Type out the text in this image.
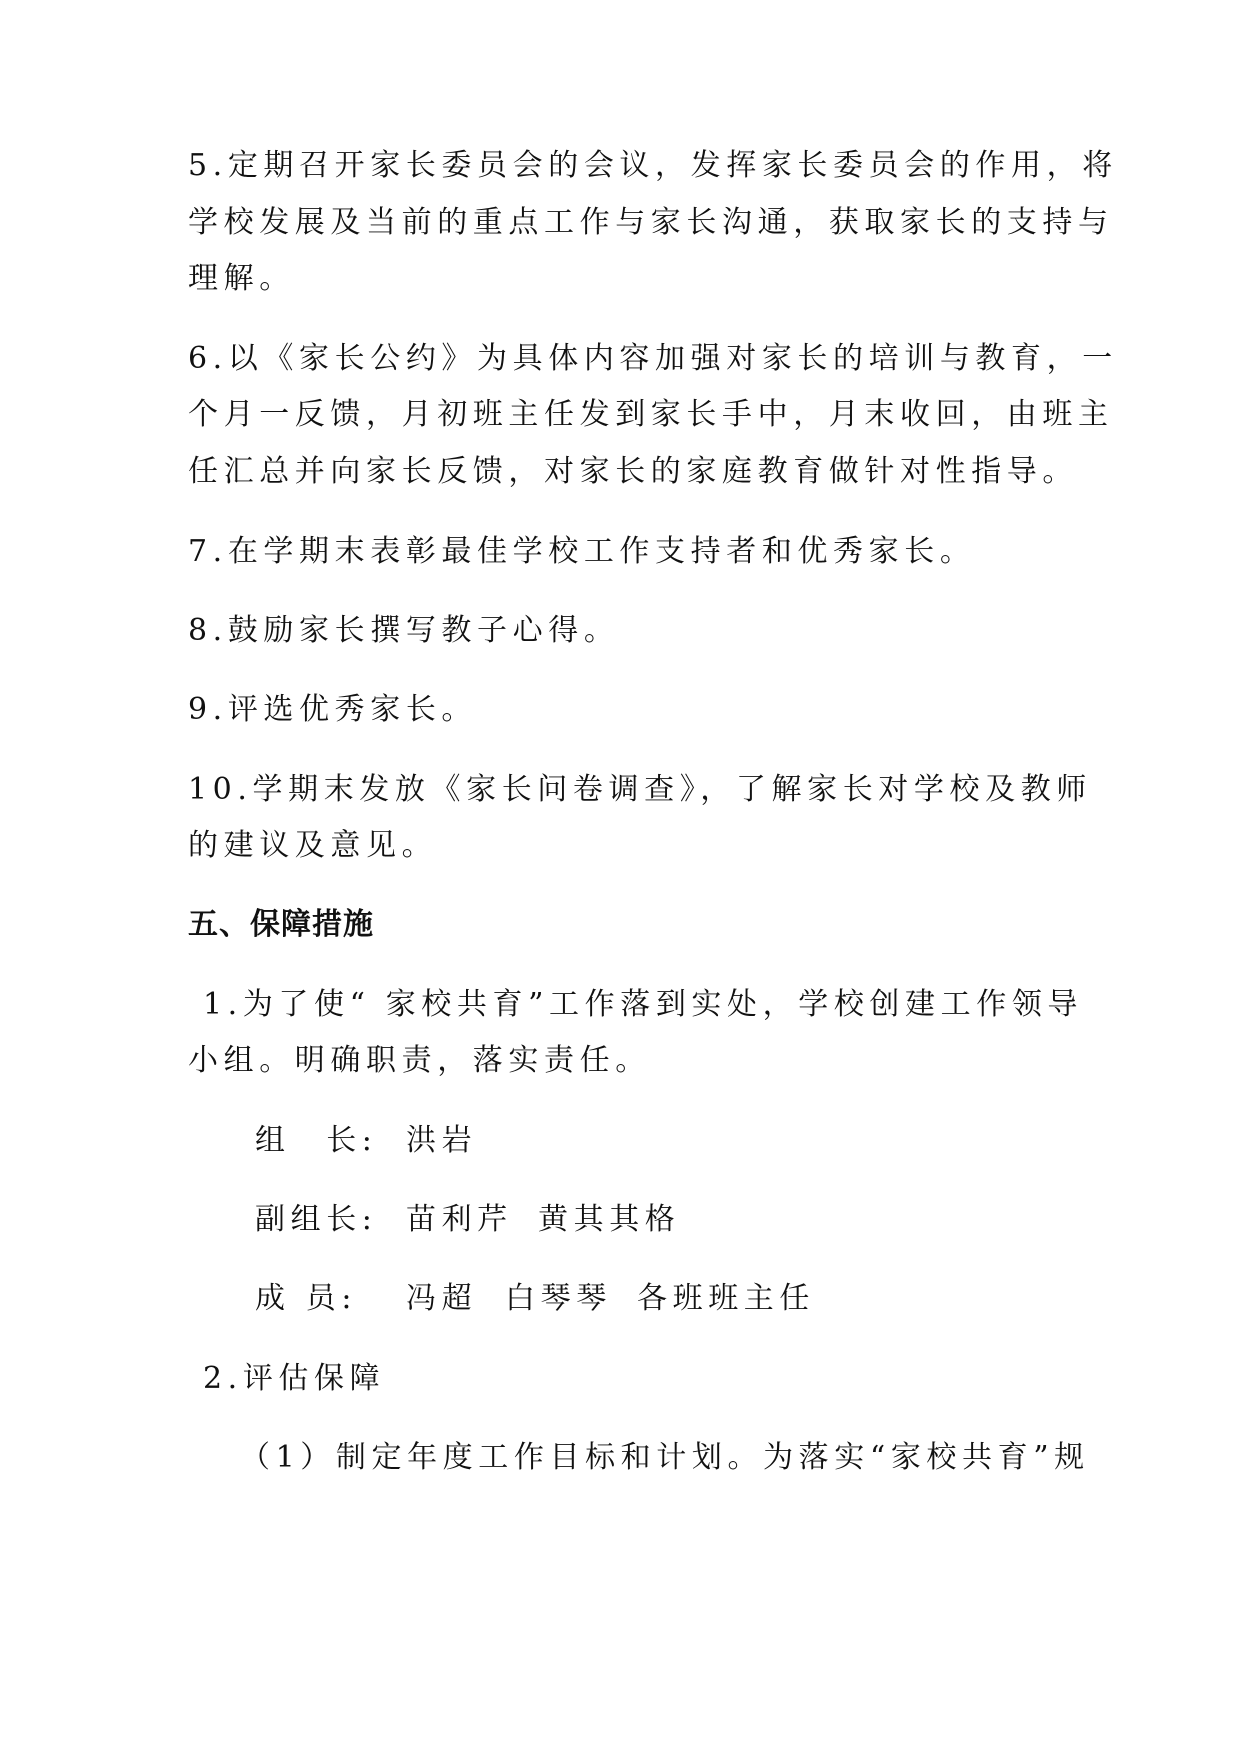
5.定期召开家长委员会的会议，发挥家长委员会的作用，将
学校发展及当前的重点工作与家长沟通，获取家长的支持与
理解。
6.以《家长公约》为具体内容加强对家长的培训与教育，一
个月一反馈，月初班主任发到家长手中，月末收回，由班主
任汇总并向家长反馈，对家长的家庭教育做针对性指导。
7.在学期末表彰最佳学校工作支持者和优秀家长。
8.鼓励家长撰写教子心得。
9.评选优秀家长。
10.学期末发放《家长问卷调查》，了解家长对学校及教师
的建议及意见。
五、保障措施
1.为了使“ 家校共育”工作落到实处，学校创建工作领导
小组。明确职责，落实责任。
组　长: 洪岩
副组长: 苗利芹 黄其其格
成 员: 冯超 白琴琴 各班班主任
2.评估保障
（1）制定年度工作目标和计划。为落实“家校共育”规
